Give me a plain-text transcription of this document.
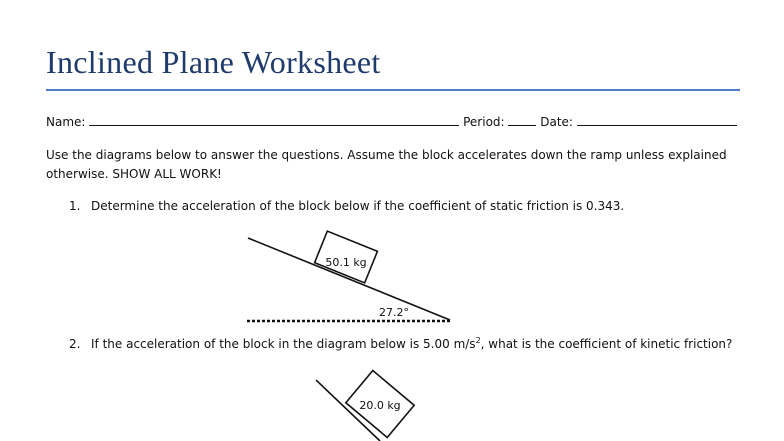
Inclined Plane Worksheet
Name:	Period:	Date:

Use the diagrams below to answer the questions. Assume the block accelerates down the ramp unless explained otherwise. SHOW ALL WORK!

1. Determine the acceleration of the block below if the coefficient of static friction is 0.343.
2. If the acceleration of the block in the diagram below is 5.00 $m/s^2$, what is the coefficient of kinetic friction?
50.1 kg
27.2°
20.0 kg
